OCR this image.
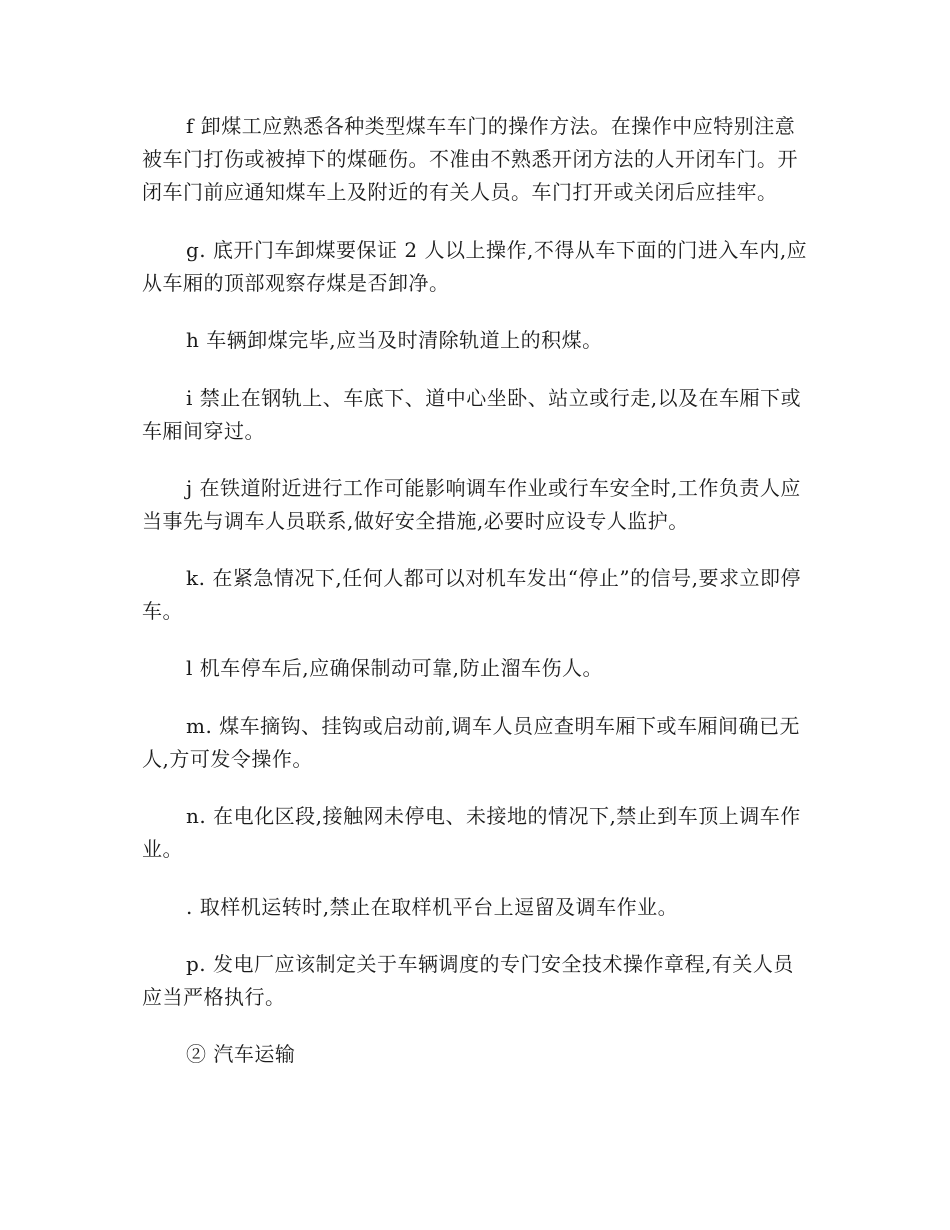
f 卸煤工应熟悉各种类型煤车车门的操作方法。在操作中应特别注意被车门打伤或被掉下的煤砸伤。不准由不熟悉开闭方法的人开闭车门。开闭车门前应通知煤车上及附近的有关人员。车门打开或关闭后应挂牢。

g. 底开门车卸煤要保证 2 人以上操作,不得从车下面的门进入车内,应从车厢的顶部观察存煤是否卸净。

h 车辆卸煤完毕,应当及时清除轨道上的积煤。

i 禁止在钢轨上、车底下、道中心坐卧、站立或行走,以及在车厢下或车厢间穿过。

j 在铁道附近进行工作可能影响调车作业或行车安全时,工作负责人应当事先与调车人员联系,做好安全措施,必要时应设专人监护。

k. 在紧急情况下,任何人都可以对机车发出“停止”的信号,要求立即停车。

l 机车停车后,应确保制动可靠,防止溜车伤人。

m. 煤车摘钩、挂钩或启动前,调车人员应查明车厢下或车厢间确已无人,方可发令操作。

n. 在电化区段,接触网未停电、未接地的情况下,禁止到车顶上调车作业。

. 取样机运转时,禁止在取样机平台上逗留及调车作业。

p. 发电厂应该制定关于车辆调度的专门安全技术操作章程,有关人员应当严格执行。

② 汽车运输
